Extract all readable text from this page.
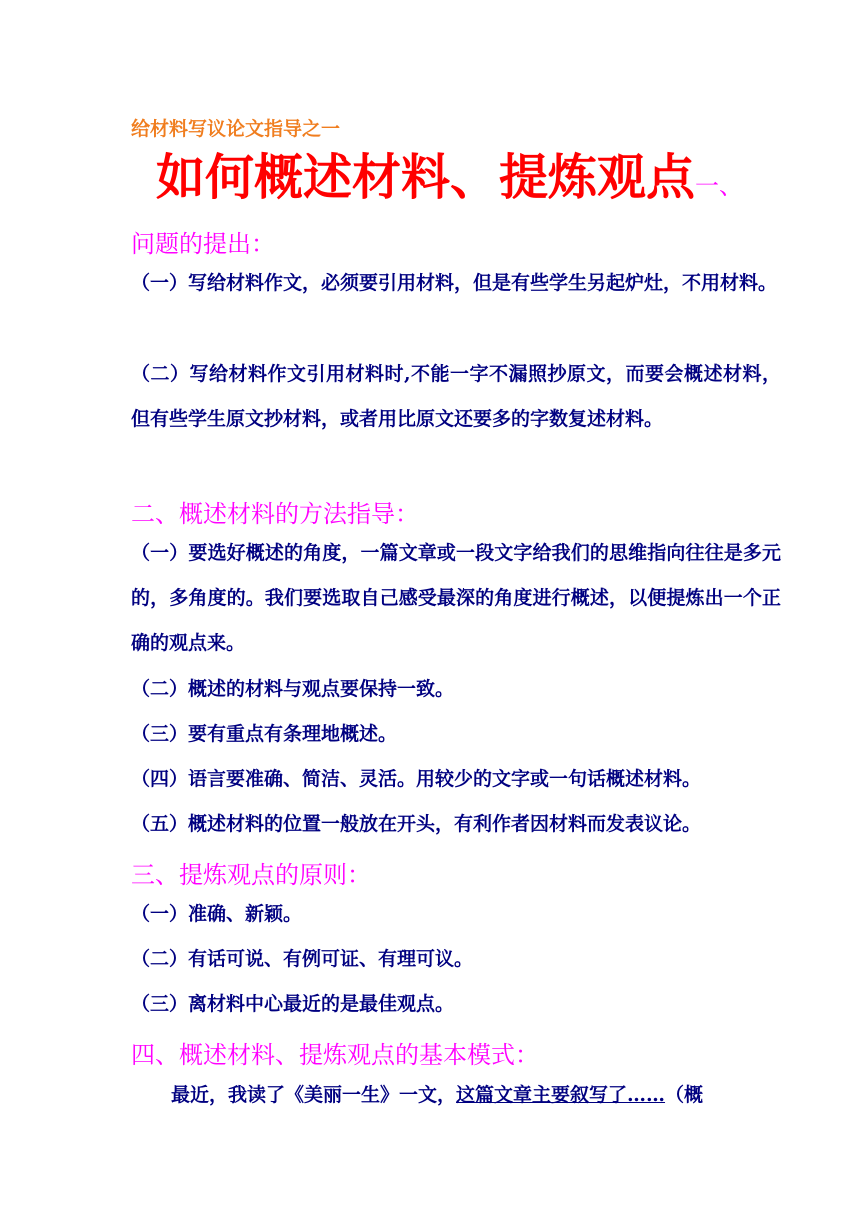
给材料写议论文指导之一
如何概述材料、提炼观点一、
问题的提出：
（一）写给材料作文，必须要引用材料，但是有些学生另起炉灶，不用材料。
（二）写给材料作文引用材料时,不能一字不漏照抄原文，而要会概述材料，但有些学生原文抄材料，或者用比原文还要多的字数复述材料。
二、概述材料的方法指导：
（一）要选好概述的角度，一篇文章或一段文字给我们的思维指向往往是多元的，多角度的。我们要选取自己感受最深的角度进行概述，以便提炼出一个正确的观点来。
（二）概述的材料与观点要保持一致。
（三）要有重点有条理地概述。
（四）语言要准确、简洁、灵活。用较少的文字或一句话概述材料。
（五）概述材料的位置一般放在开头，有利作者因材料而发表议论。
三、提炼观点的原则：
（一）准确、新颖。
（二）有话可说、有例可证、有理可议。
（三）离材料中心最近的是最佳观点。
四、概述材料、提炼观点的基本模式：
最近，我读了《美丽一生》一文，这篇文章主要叙写了……（概
